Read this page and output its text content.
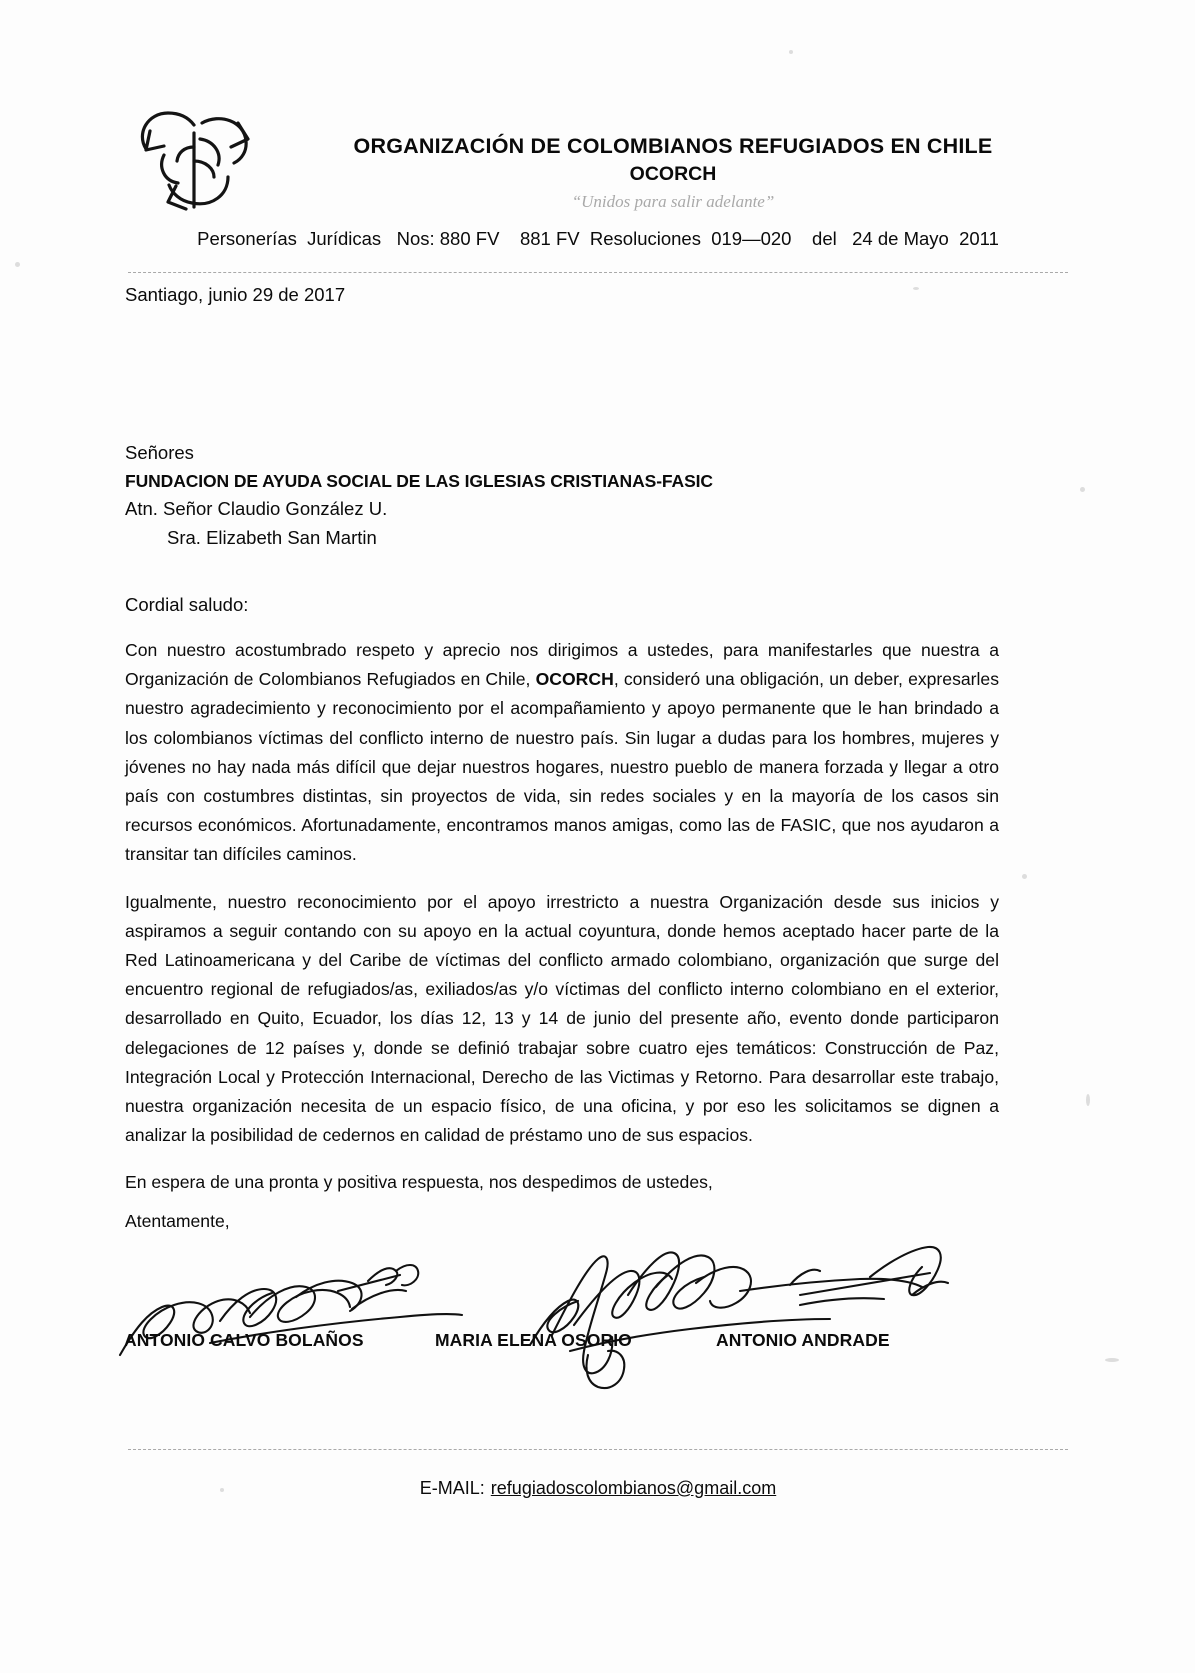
ORGANIZACIÓN DE COLOMBIANOS REFUGIADOS EN CHILE
OCORCH
“Unidos para salir adelante”
Personerías  Jurídicas   Nos: 880 FV    881 FV  Resoluciones  019—020    del   24 de Mayo  2011
Santiago, junio 29 de 2017
Señores
FUNDACION DE AYUDA SOCIAL DE LAS IGLESIAS CRISTIANAS-FASIC
Atn. Señor Claudio González U.
Sra. Elizabeth San Martin
Cordial saludo:

Con nuestro acostumbrado respeto y aprecio nos dirigimos a ustedes, para manifestarles que nuestra a Organización de Colombianos Refugiados en Chile, OCORCH, consideró una obligación, un deber, expresarles nuestro agradecimiento y reconocimiento por el acompañamiento y apoyo permanente que le han brindado a los colombianos víctimas del conflicto interno de nuestro país. Sin lugar a dudas para los hombres, mujeres y jóvenes no hay nada más difícil que dejar nuestros hogares, nuestro pueblo de manera forzada y llegar a otro país con costumbres distintas, sin proyectos de vida, sin redes sociales y en la mayoría de los casos sin recursos económicos. Afortunadamente, encontramos manos amigas, como las de FASIC, que nos ayudaron a transitar tan difíciles caminos.

Igualmente, nuestro reconocimiento por el apoyo irrestricto a nuestra Organización desde sus inicios y aspiramos a seguir contando con su apoyo en la actual coyuntura, donde hemos aceptado hacer parte de la Red Latinoamericana y del Caribe de víctimas del conflicto armado colombiano, organización que surge del encuentro regional de refugiados/as, exiliados/as y/o víctimas del conflicto interno colombiano en el exterior, desarrollado en Quito, Ecuador, los días 12, 13 y 14 de junio del presente año, evento donde participaron delegaciones de 12 países y, donde se definió trabajar sobre cuatro ejes temáticos: Construcción de Paz, Integración Local y Protección Internacional, Derecho de las Victimas y Retorno. Para desarrollar este trabajo, nuestra organización necesita de un espacio físico, de una oficina, y por eso les solicitamos se dignen a analizar la posibilidad de cedernos en calidad de préstamo uno de sus espacios.

En espera de una pronta y positiva respuesta, nos despedimos de ustedes,

Atentamente,
ANTONIO CALVO BOLAÑOS	MARIA ELENA OSORIO	ANTONIO ANDRADE
E-MAIL: refugiadoscolombianos@gmail.com
